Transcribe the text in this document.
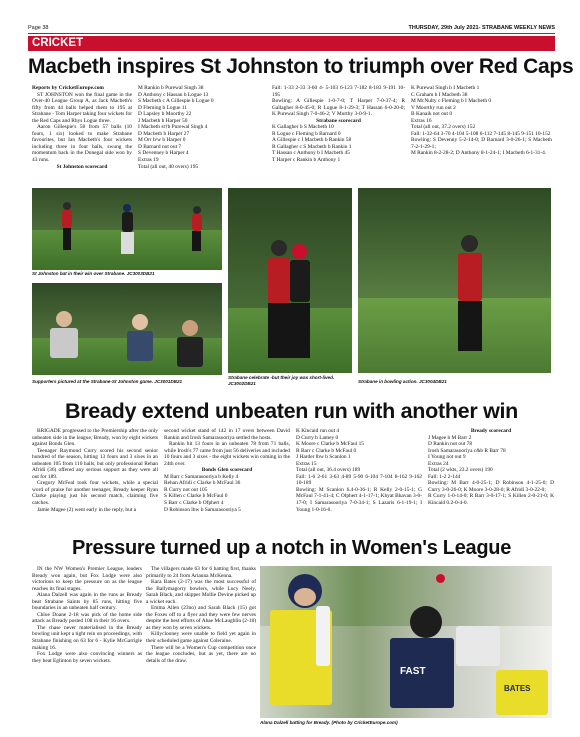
Page 38	THURSDAY, 29th July 2021- STRABANE WEEKLY NEWS
CRICKET
Macbeth inspires St Johnston to triumph over Red Caps

Reports by CricketEurope.com

ST JOHNSTON won the final game in the Over-40 League Group A, as Jack Macbeth's fifty from 44 balls helped them to 195 at Strabane - Tom Harper taking four wickets for the Red Caps and Rhys Logue three.

Aaron Gillespie's 58 from 57 balls (10 fours, 1 six) looked to make Strabane favourites, but Ian Macbeth's four wickets including three in four balls, swung the momentum back in the Donegal side won by 43 runs.

St Johnston scorecard

M Rankin b Purewal Singh 38

D Anthony c Hassan b Logue 13

S Macbeth c A Gillespie b Logue 0

D Fleming b Logue 11

D Lapsley b Moorthy 22

J Macbeth b Harper 50

I Macbeth st†b Purewal Singh 4

D Macbeth b Harper 27

M Orr b/w b Harper 0

D Barnard not out 7

S Devenney b Harper 4

Extras 19

Total (all out, 40 overs) 195

Fall: 1-33 2-33 3-60 4- 5-103 6-123 7-182 8-183 9-191 10-195

Bowling: A Gillespie 1-0-7-0; T Harper 7-0-37-4; R Gallagher 8-0-45-0; R Logue 8-1-29-3; T Hassan 6-0-20-0; K Purewal Singh 7-0-46-2; V Murthy 3-0-9-1.

Strabane scorecard

K Gallagher b S Macbeth 10

R Logue c Fleming b Barnard 0

A Gillespie c I Macbeth b Rankin 58

R Gallagher c S Macbeth b Rankin 1

T Hassan c Anthony b I Macbeth 45

T Harper c Rankin b Anthony 1

K Purewal Singh b I Macbeth 1

C Graham b I Macbeth 38

M McNulty c Fleming b I Macbeth 0

V Moorthy run out 2

B Kanaik not out 0

Extras 16

Total (all out, 37.2 overs) 152

Fall: 1-32-64 3-70 4-104 5-108 6-112 7-145 8-145 9-151 10-152

Bowling: S Devenny 5-2-14-0; D Barnard 3-0-26-1; S Macbeth 7-2-1-29-1;

M Rankin 8-2-28-2; D Anthony 8-1-24-1; I Macbeth 6-1-31-4.

St Johnston bat in their win over Strabane. JC3003DB21
Supporters pictured at the Strabane-St Johnston game. JC3001DB21
Strabane celebrate -but their joy was short-lived. JC3002DB21	Strabane in bowling action. JC3004DB21
Bready extend unbeaten run with another win

BRIGADE progressed to the Premiership after the only unbeaten side in the league, Bready, won by eight wickets against Bonds Glen.

Teenager Raymond Curry scored his second senior hundred of the season, hitting 13 fours and 3 sixes in an unbeaten 105 from 110 balls, but only professional Rehan Afridi (36) offered any serious support as they were all out for 189.

Gregory McFeal took four wickets, while a special word of praise for another teenager, Bready keeper Ryan Clarke playing just his second match, claiming five catches.

Jamie Magee (2) went early in the reply, but a

second wicket stand of 142 in 17 overs between David Rankin and Irosh Samarasooriya settled the hosts.

Rankin hit 13 fours in an unbeaten 78 from 71 balls, while Irosh's 77 came from just 56 deliveries and included 10 fours and 3 sixes - the eight wickets win coming in the 24th over.

Bonds Glen scorecard

M Barr c Samarasooriya b Kelly 4

Rehan Afridi c Clarke b McFaul 36

R Curry not out 105

S Killen c Clarke b McFaul 0

S Barr c Clarke b Ofphert 4

D Robinson lbw b Samarasooriya 5

K Kincaid run out 4

D Curry b Lamey 0

K Moore c Clarke b McFaul 15

R Barr c Clarke b McFaul 0

J Harder lbw b Scanlon 1

Extras 15

Total (all out, 36.4 overs) 189

Fall: 1-6 2-61 3-63 4-89 5-90 6-104 7-104 8-162 9-162 10-189

Bowling: M Scanlon 6.4-0-36-1; R Kelly 2-0-15-1; G McFaul 7-1-41-4; C Olphert 4-1-17-1; Khyat Bhavan 3-0-17-0; I Samarasooriya 7-0-34-1; S Lazaris 6-1-19-1; I Young 1-0-16-0.

Bready scorecard

J Magee b M Barr 2

D Rankin not out 78

Irosh Samarasooriya c&b R Barr 78

I Young not out 9

Extras 24

Total (2 wkts, 23.2 overs) 190

Fall: 1-2 2-144

Bowling: M Barr 4-0-25-1; D Robinson 4-1-25-0; D Curry 3-0-26-0; K Moore 3-0-28-0; R Afridi 3-0-22-0;

R Curry 1-0-14-0; R Barr 3-0-17-1; S Killen 2-0-21-0; K Kincaid 0.2-0-4-0.

Pressure turned up a notch in Women's League

IN the NW Women's Premier League, leaders Bready won again, but Fox Lodge were also victorious to keep the pressure on as the league reaches its final stages.

Alana Dalzell was again in the runs as Bready beat Strabane Saints by 85 runs, hitting five boundaries in an unbeaten half century.

Chloe Doane 2-18 was pick of the home side attack as Bready posted 108 in their 16 overs.

The chase never materialised in the Bready bowling unit kept a tight rein on proceedings, with Strabane finishing on 63 for 6 - Kylie McGarrigle making 16.

Fox Lodge were also convincing winners as they beat Eglinton by seven wickets.

The villagers made 63 for 6 batting first, thanks primarily to 24 from Arianna McKenna.

Kara Bates (2-17) was the most successful of the Ballymagorry bowlers, while Lucy Neely, Sarah Black, and skipper Mollie Devine picked up a wicket each.

Emma Allen (23no) and Sarah Black (15) got the Foxes off to a flyer and they were few nerves despite the best efforts of Abae McLaughlin (2-18) as they won by seven wickets.

Killyclooney were unable to field yet again in their scheduled game against Coleraine.

There will be a Women's Cup competition once the league concludes, but as yet, there are no details of the draw.

FAST
BATES
Alana Dalzell batting for Bready. (Photo by CricketEurope.com)
